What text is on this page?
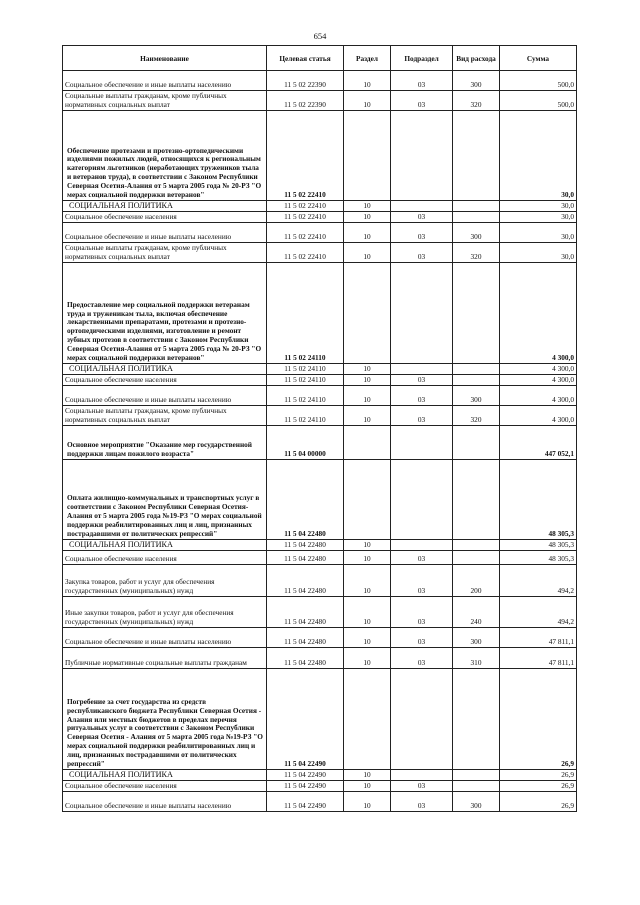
654
Наименование	Целевая статья	Раздел	Подраздел	Вид расхода	Сумма
Социальное обеспечение и иные выплаты населению	11 5 02 22390	10	03	300	500,0
Социальные выплаты гражданам, кроме публичных нормативных социальных выплат	11 5 02 22390	10	03	320	500,0
Обеспечение протезами и протезно-ортопедическими изделиями пожилых людей, относящихся к региональным категориям льготников (неработающих тружеников тыла и ветеранов труда), в соответствии с Законом Республики Северная Осетия-Алания от 5 марта 2005 года № 20-РЗ "О мерах социальной поддержки ветеранов"	11 5 02 22410				30,0
СОЦИАЛЬНАЯ ПОЛИТИКА	11 5 02 22410	10			30,0
Социальное обеспечение населения	11 5 02 22410	10	03		30,0
Социальное обеспечение и иные выплаты населению	11 5 02 22410	10	03	300	30,0
Социальные выплаты гражданам, кроме публичных нормативных социальных выплат	11 5 02 22410	10	03	320	30,0
Предоставление мер социальной поддержки ветеранам труда и труженикам тыла, включая обеспечение лекарственными препаратами, протезами и протезно-ортопедическими изделиями, изготовление и ремонт зубных протезов в соответствии с Законом Республики Северная Осетия-Алания от 5 марта 2005 года № 20-РЗ "О мерах социальной поддержки ветеранов"	11 5 02 24110				4 300,0
СОЦИАЛЬНАЯ ПОЛИТИКА	11 5 02 24110	10			4 300,0
Социальное обеспечение населения	11 5 02 24110	10	03		4 300,0
Социальное обеспечение и иные выплаты населению	11 5 02 24110	10	03	300	4 300,0
Социальные выплаты гражданам, кроме публичных нормативных социальных выплат	11 5 02 24110	10	03	320	4 300,0
Основное мероприятие "Оказание мер государственной поддержки лицам пожилого возраста"	11 5 04 00000				447 052,1
Оплата жилищно-коммунальных и транспортных услуг в соответствии с Законом Республики Северная Осетия-Алания от 5 марта 2005 года №19-РЗ "О мерах социальной поддержки реабилитированных лиц и лиц, признанных пострадавшими от политических репрессий"	11 5 04 22480				48 305,3
СОЦИАЛЬНАЯ ПОЛИТИКА	11 5 04 22480	10			48 305,3
Социальное обеспечение населения	11 5 04 22480	10	03		48 305,3
Закупка товаров, работ и услуг для обеспечения государственных (муниципальных) нужд	11 5 04 22480	10	03	200	494,2
Иные закупки товаров, работ и услуг для обеспечения государственных (муниципальных) нужд	11 5 04 22480	10	03	240	494,2
Социальное обеспечение и иные выплаты населению	11 5 04 22480	10	03	300	47 811,1
Публичные нормативные социальные выплаты гражданам	11 5 04 22480	10	03	310	47 811,1
Погребение за счет государства из средств республиканского бюджета Республики Северная Осетия - Алания или местных бюджетов в пределах перечня ритуальных услуг в соответствии с Законом Республики Северная Осетия - Алания от 5 марта 2005 года №19-РЗ "О мерах социальной поддержки реабилитированных лиц и лиц, признанных пострадавшими от политических репрессий"	11 5 04 22490				26,9
СОЦИАЛЬНАЯ ПОЛИТИКА	11 5 04 22490	10			26,9
Социальное обеспечение населения	11 5 04 22490	10	03		26,9
Социальное обеспечение и иные выплаты населению	11 5 04 22490	10	03	300	26,9
